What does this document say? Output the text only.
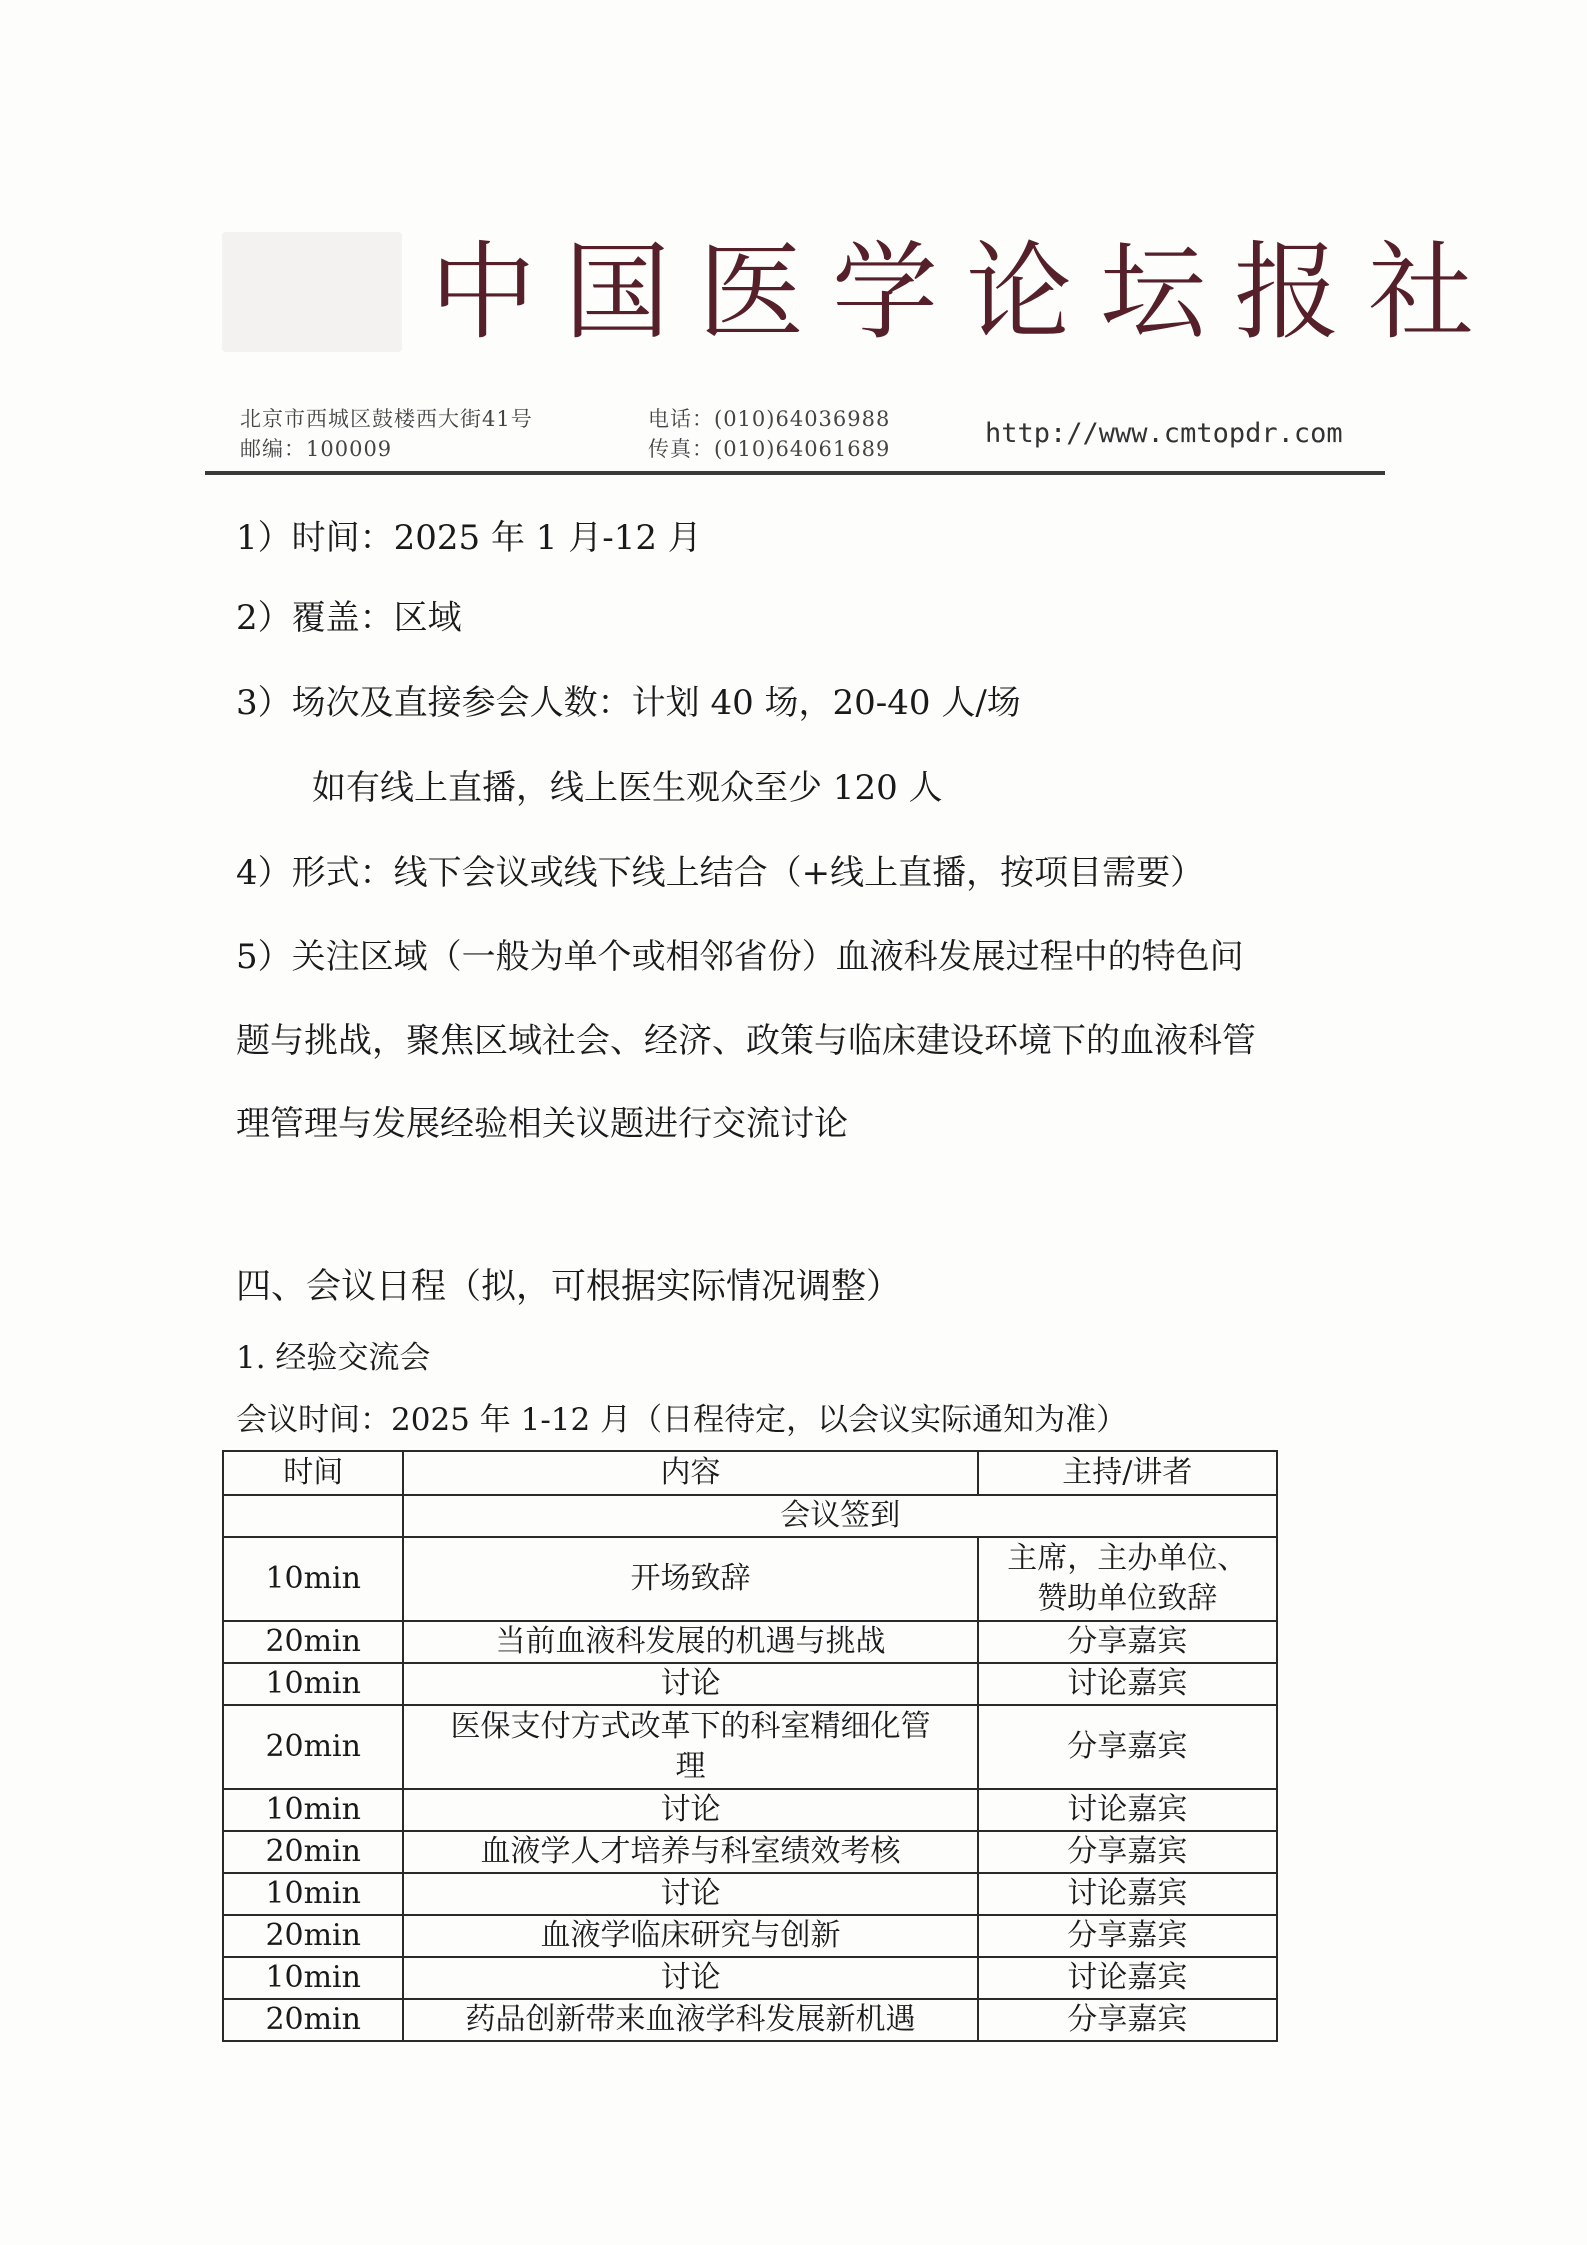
中国医学论坛报社
北京市西城区鼓楼西大街41号
邮编：100009
电话：(010)64036988
传真：(010)64061689	http://www.cmtopdr.com
1）时间：2025 年 1 月-12 月
2）覆盖：区域
3）场次及直接参会人数：计划 40 场，20-40 人/场
如有线上直播，线上医生观众至少 120 人
4）形式：线下会议或线下线上结合（+线上直播，按项目需要）
5）关注区域（一般为单个或相邻省份）血液科发展过程中的特色问
题与挑战，聚焦区域社会、经济、政策与临床建设环境下的血液科管
理管理与发展经验相关议题进行交流讨论
四、会议日程（拟，可根据实际情况调整）
1. 经验交流会
会议时间：2025 年 1-12 月（日程待定，以会议实际通知为准）
时间	内容	主持/讲者
	会议签到	
10min	开场致辞	主席，主办单位、
赞助单位致辞

20min	当前血液科发展的机遇与挑战	分享嘉宾
10min	讨论	讨论嘉宾
20min	医保支付方式改革下的科室精细化管
理	分享嘉宾
10min	讨论	讨论嘉宾
20min	血液学人才培养与科室绩效考核	分享嘉宾
10min	讨论	讨论嘉宾
20min	血液学临床研究与创新	分享嘉宾
10min	讨论	讨论嘉宾
20min	药品创新带来血液学科发展新机遇	分享嘉宾
